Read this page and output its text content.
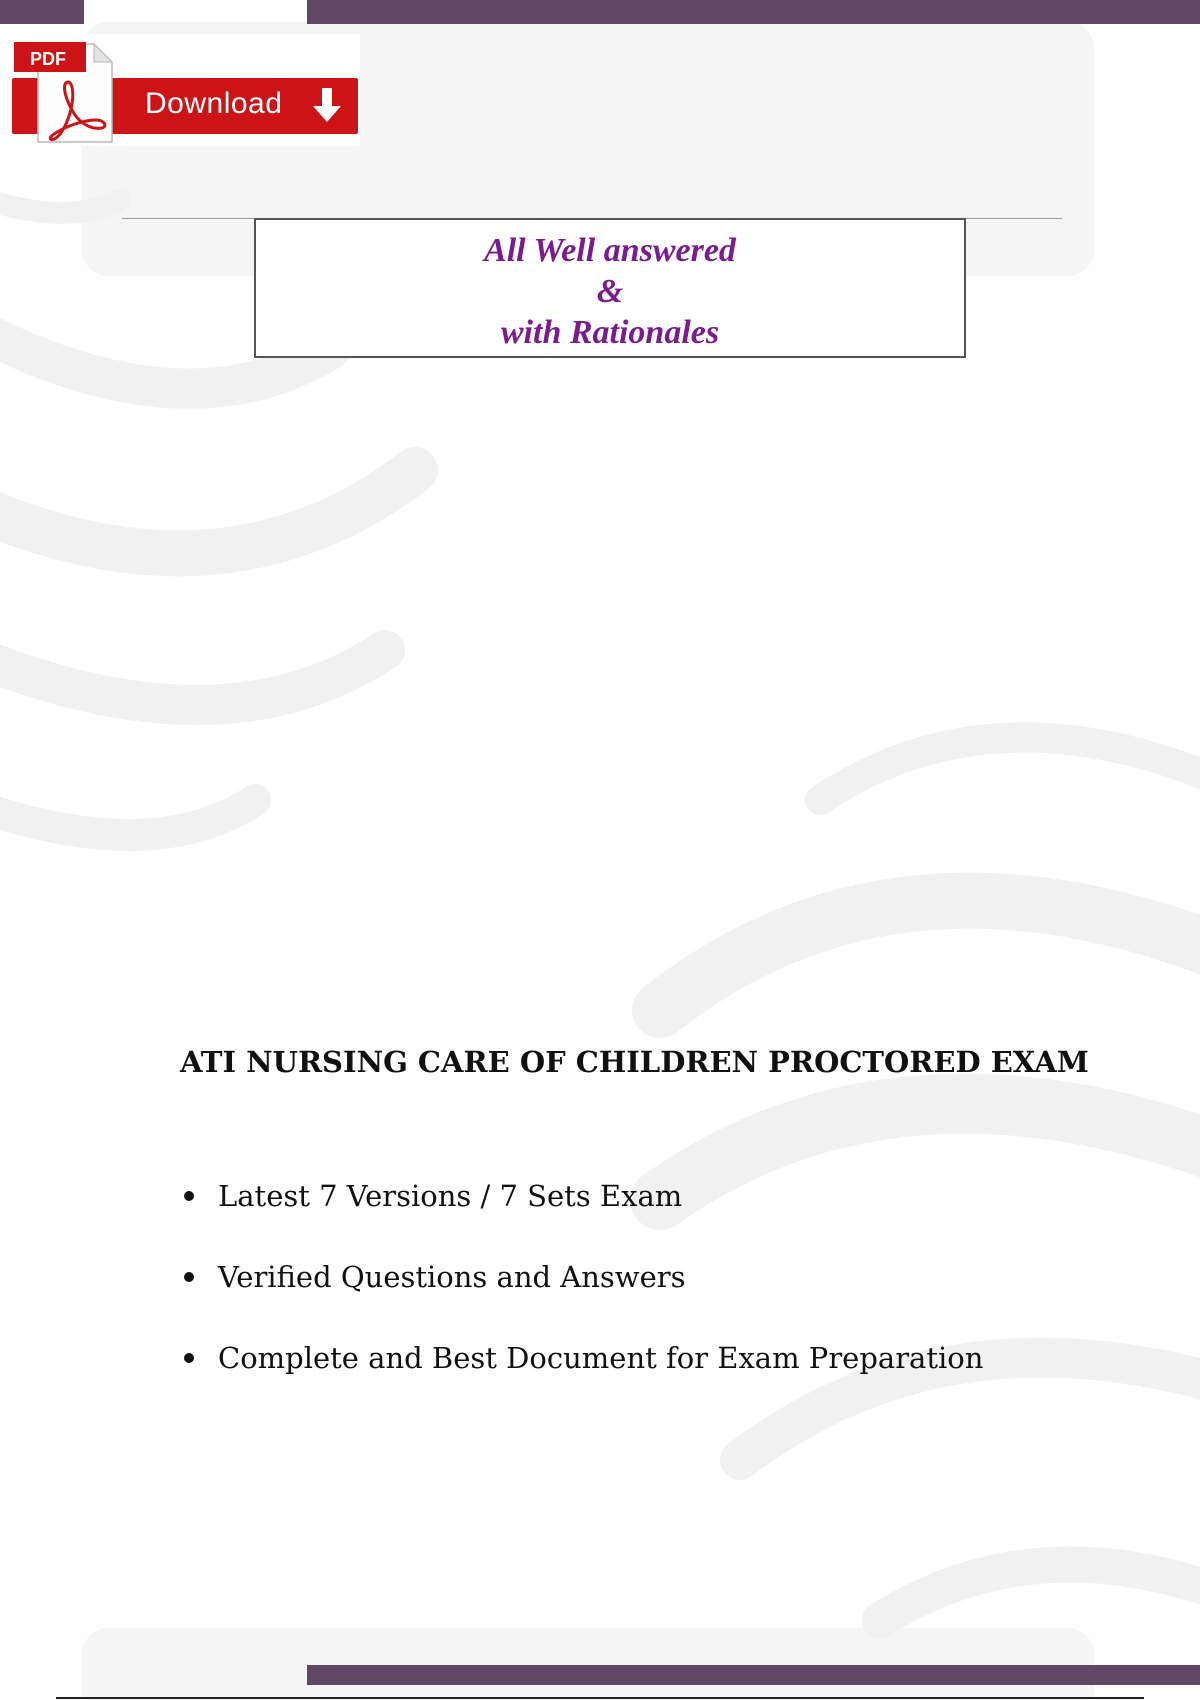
Download
PDF
All Well answered
&
with Rationales
ATI NURSING CARE OF CHILDREN PROCTORED EXAM
Latest 7 Versions / 7 Sets Exam
Verified Questions and Answers
Complete and Best Document for Exam Preparation
